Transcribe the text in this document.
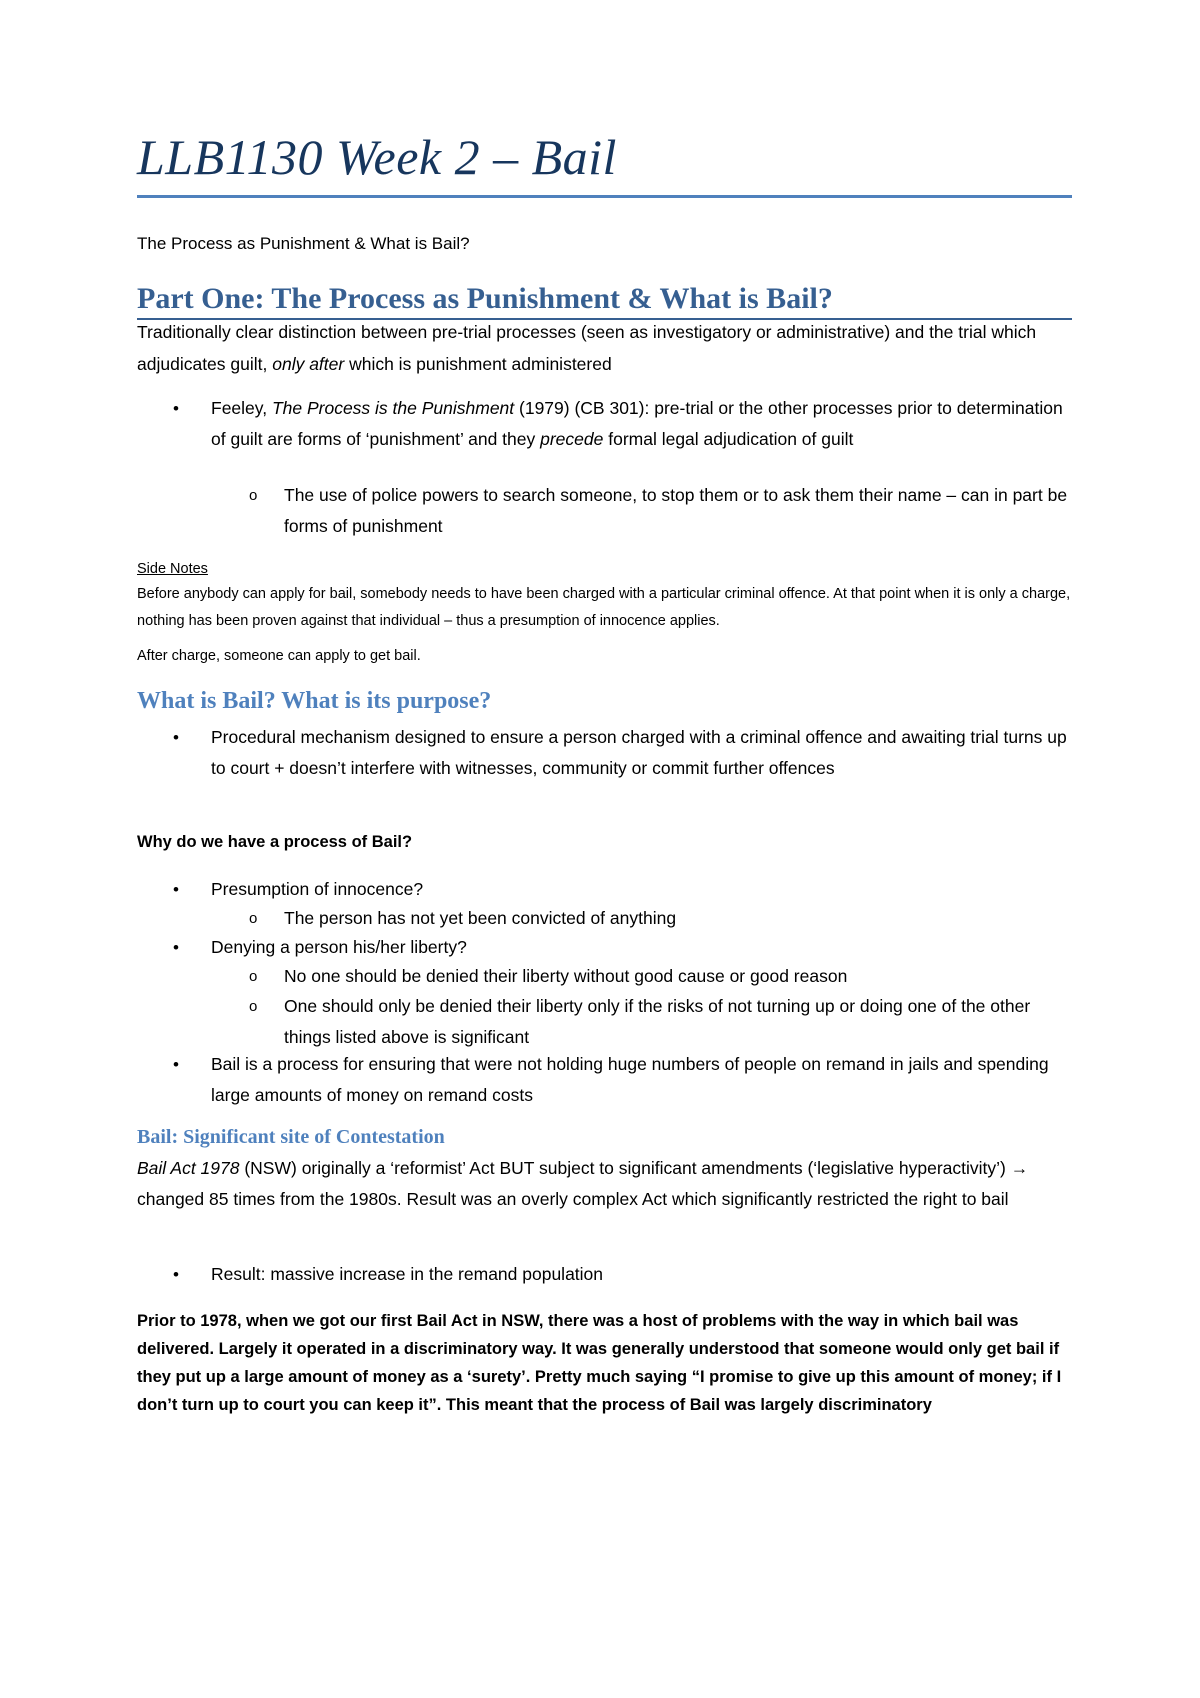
LLB1130 Week 2 – Bail
The Process as Punishment & What is Bail?
Part One: The Process as Punishment & What is Bail?
Traditionally clear distinction between pre-trial processes (seen as investigatory or administrative) and the trial which adjudicates guilt, only after which is punishment administered
• Feeley, The Process is the Punishment (1979) (CB 301): pre-trial or the other processes prior to determination of guilt are forms of ‘punishment’ and they precede formal legal adjudication of guilt
o The use of police powers to search someone, to stop them or to ask them their name – can in part be forms of punishment
Side Notes
Before anybody can apply for bail, somebody needs to have been charged with a particular criminal offence. At that point when it is only a charge, nothing has been proven against that individual – thus a presumption of innocence applies.
After charge, someone can apply to get bail.
What is Bail? What is its purpose?
• Procedural mechanism designed to ensure a person charged with a criminal offence and awaiting trial turns up to court + doesn’t interfere with witnesses, community or commit further offences
Why do we have a process of Bail?
• Presumption of innocence?
o The person has not yet been convicted of anything
• Denying a person his/her liberty?
o No one should be denied their liberty without good cause or good reason
o One should only be denied their liberty only if the risks of not turning up or doing one of the other things listed above is significant
• Bail is a process for ensuring that were not holding huge numbers of people on remand in jails and spending large amounts of money on remand costs
Bail: Significant site of Contestation
Bail Act 1978 (NSW) originally a ‘reformist’ Act BUT subject to significant amendments (‘legislative hyperactivity’) → changed 85 times from the 1980s. Result was an overly complex Act which significantly restricted the right to bail
• Result: massive increase in the remand population
Prior to 1978, when we got our first Bail Act in NSW, there was a host of problems with the way in which bail was delivered. Largely it operated in a discriminatory way. It was generally understood that someone would only get bail if they put up a large amount of money as a ‘surety’. Pretty much saying “I promise to give up this amount of money; if I don’t turn up to court you can keep it”. This meant that the process of Bail was largely discriminatory
